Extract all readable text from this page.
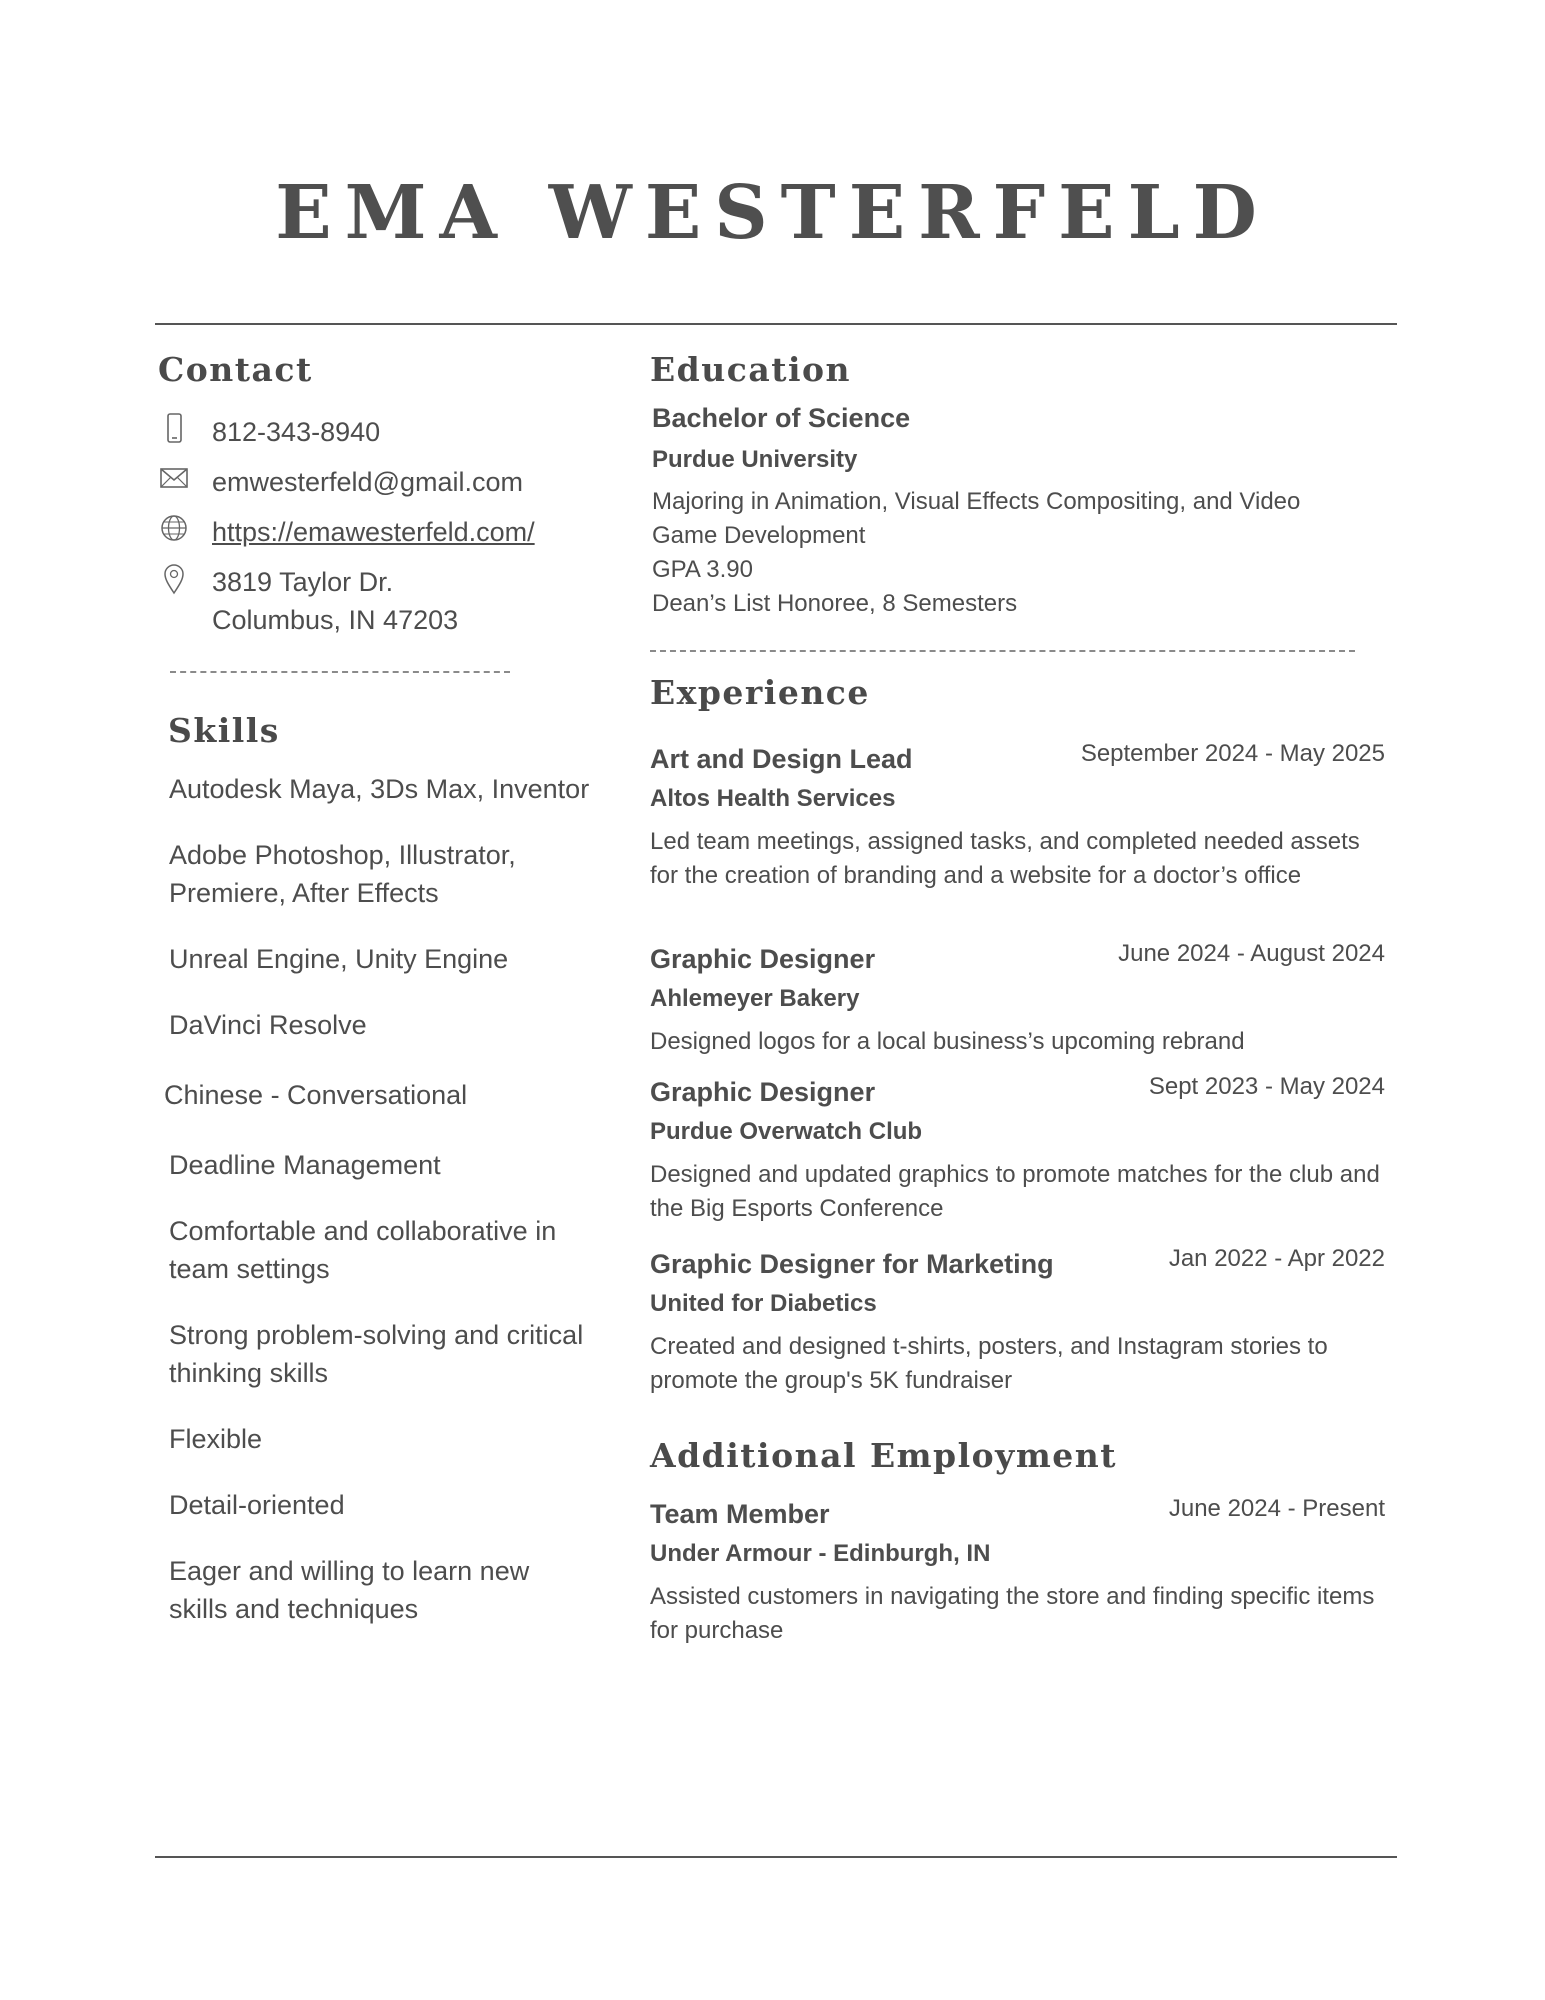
EMA WESTERFELD
Contact
812-343-8940
emwesterfeld@gmail.com
https://emawesterfeld.com/
3819 Taylor Dr.
Columbus, IN 47203
Skills
Autodesk Maya, 3Ds Max, Inventor
Adobe Photoshop, Illustrator, Premiere, After Effects
Unreal Engine, Unity Engine
DaVinci Resolve
Chinese - Conversational
Deadline Management
Comfortable and collaborative in team settings
Strong problem-solving and critical thinking skills
Flexible
Detail-oriented
Eager and willing to learn new skills and techniques
Education
Bachelor of Science
Purdue University
Majoring in Animation, Visual Effects Compositing, and Video Game Development
GPA 3.90
Dean’s List Honoree, 8 Semesters
Experience
Art and Design Lead	September 2024 - May 2025
Altos Health Services
Led team meetings, assigned tasks, and completed needed assets for the creation of branding and a website for a doctor’s office
Graphic Designer	June 2024 - August 2024
Ahlemeyer Bakery
Designed logos for a local business’s upcoming rebrand
Graphic Designer	Sept 2023 - May 2024
Purdue Overwatch Club
Designed and updated graphics to promote matches for the club and the Big Esports Conference
Graphic Designer for Marketing	Jan 2022 - Apr 2022
United for Diabetics
Created and designed t-shirts, posters, and Instagram stories to promote the group's 5K fundraiser
Additional Employment
Team Member	June 2024 - Present
Under Armour - Edinburgh, IN
Assisted customers in navigating the store and finding specific items for purchase
